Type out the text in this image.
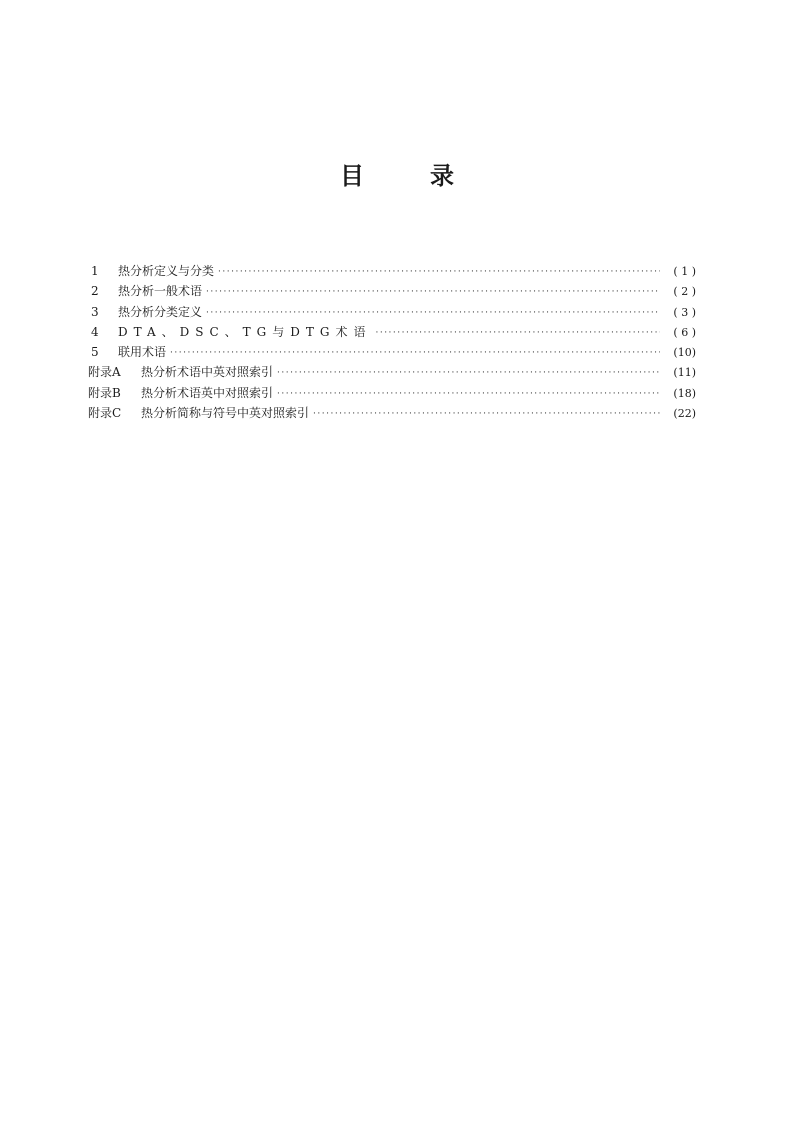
目	录
1	热分析定义与分类 ·····	( 1 )
2	热分析一般术语 ·····	( 2 )
3	热分析分类定义 ·····	( 3 )
4	DTA、DSC、TG与DTG术语 ·····	( 6 )
5	联用术语 ·····	(10)
附录A	热分析术语中英对照索引 ·····	(11)
附录B	热分析术语英中对照索引 ·····	(18)
附录C	热分析简称与符号中英对照索引 ·····	(22)
